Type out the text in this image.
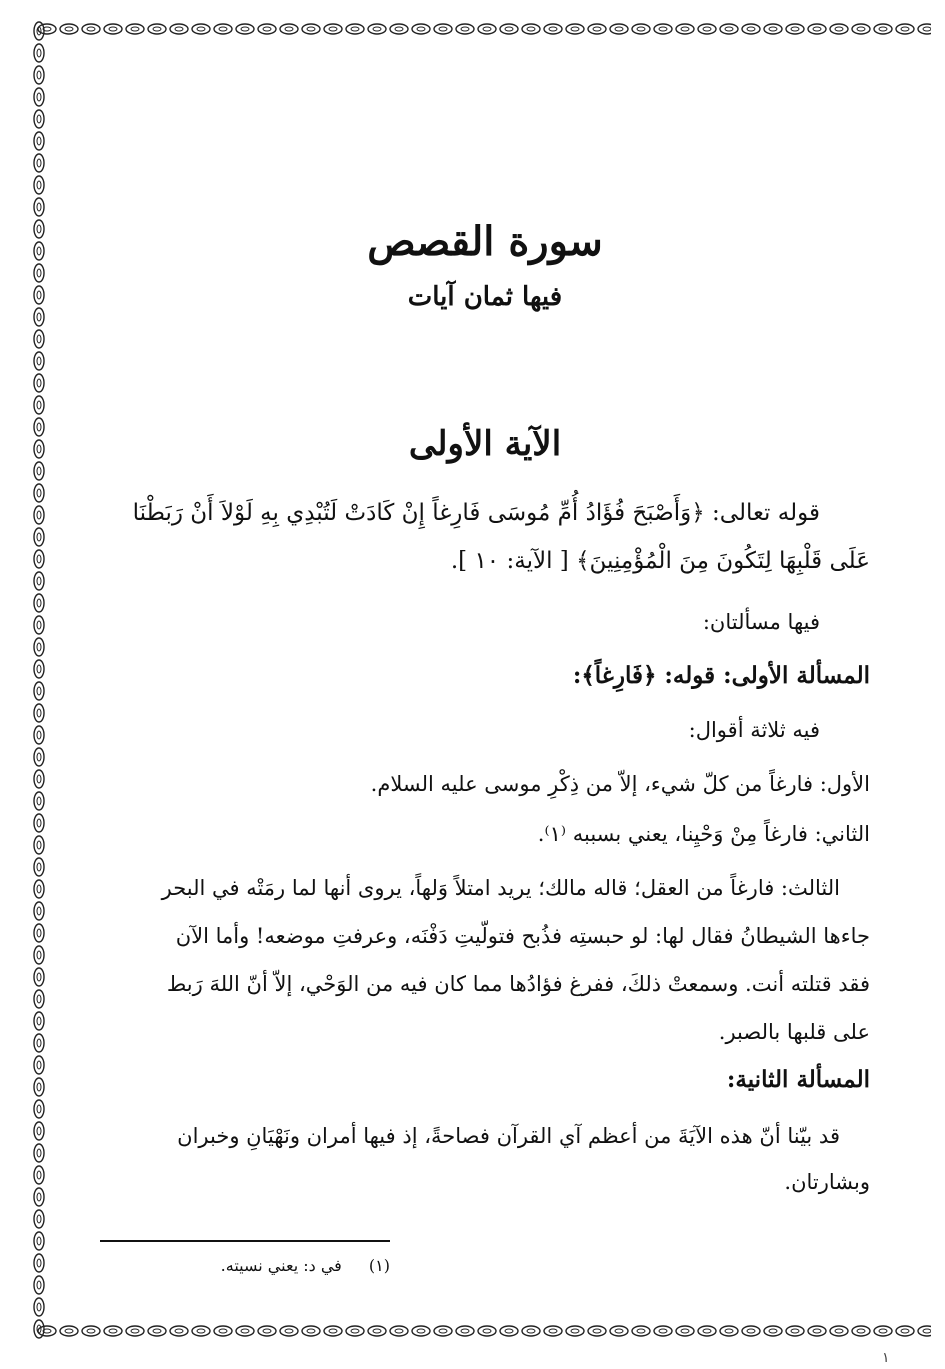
سورة القصص
فيها ثمان آيات
الآية الأولى
قوله تعالى: ﴿وَأَصْبَحَ فُؤَادُ أُمِّ مُوسَى فَارِغاً إِنْ كَادَتْ لَتُبْدِي بِهِ لَوْلاَ أَنْ رَبَطْنَا
عَلَى قَلْبِهَا لِتَكُونَ مِنَ الْمُؤْمِنِينَ﴾ [ الآية: ١٠ ].

فيها مسألتان:

المسألة الأولى: قوله: ﴿فَارِغاً﴾:

فيه ثلاثة أقوال:

الأول: فارغاً من كلّ شيء، إلاّ من ذِكْرِ موسى عليه السلام.

الثاني: فارغاً مِنْ وَحْيِنا، يعني بسببه ⁽١⁾.

الثالث: فارغاً من العقل؛ قاله مالك؛ يريد امتلاً وَلهاً، يروى أنها لما رمَتْه في البحر

جاءها الشيطانُ فقال لها: لو حبستِه فذُبح فتولّيتِ دَفْنَه، وعرفتِ موضعه! وأما الآن

فقد قتلته أنت. وسمعتْ ذلكَ، ففرغ فؤادُها مما كان فيه من الوَحْي، إلاّ أنّ اللهَ رَبط

على قلبها بالصبر.

المسألة الثانية:

قد بيّنا أنّ هذه الآيَةَ من أعظم آي القرآن فصاحةً، إذ فيها أمران ونَهْيَانِ وخبران

وبشارتان.

(١) في د: يعني نسيته.
١
